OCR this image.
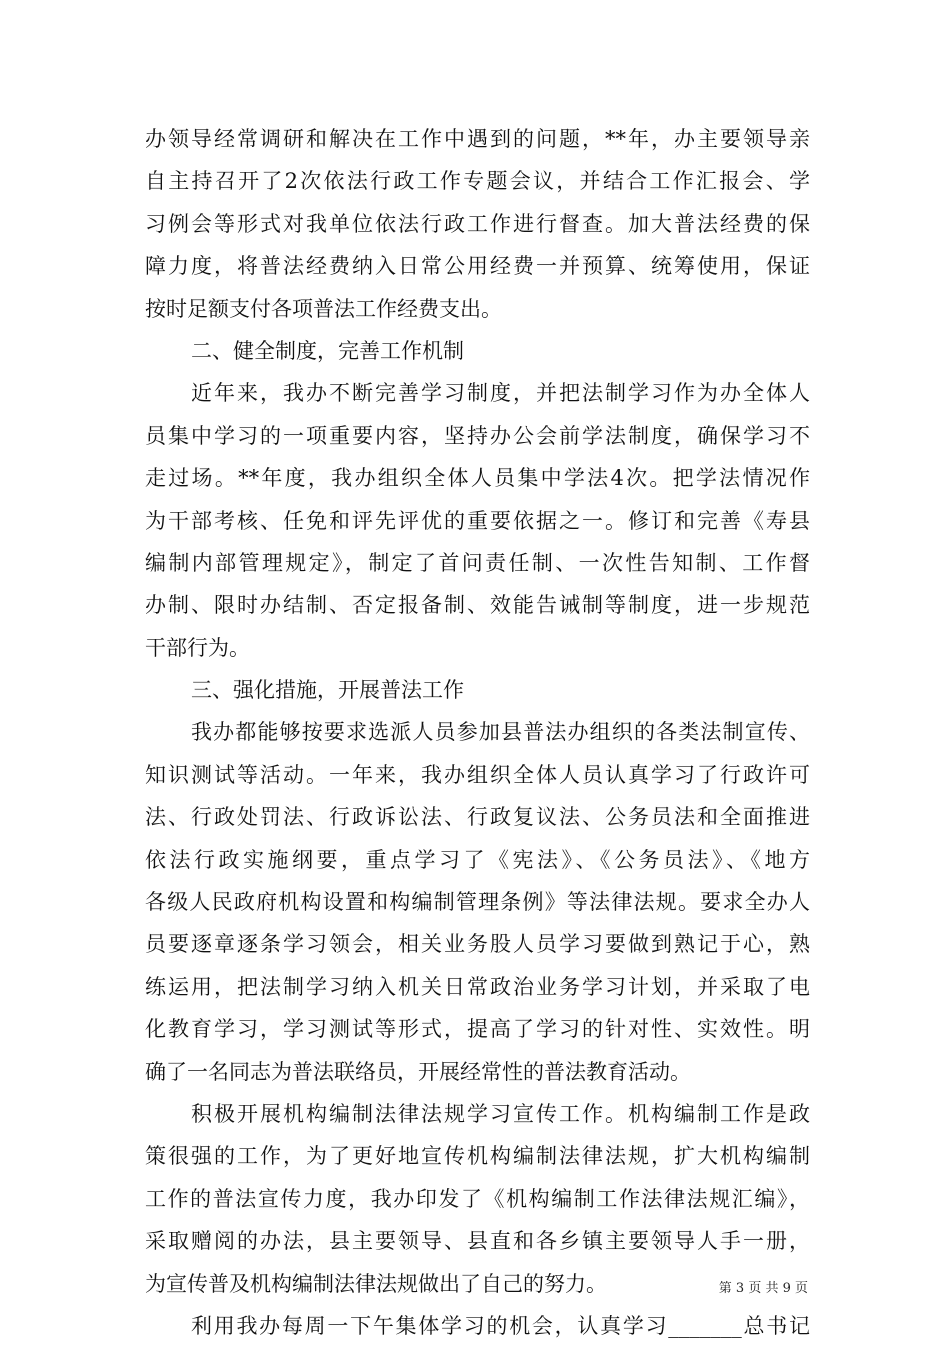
办领导经常调研和解决在工作中遇到的问题，**年，办主要领导亲
自主持召开了2次依法行政工作专题会议，并结合工作汇报会、学
习例会等形式对我单位依法行政工作进行督查。加大普法经费的保
障力度，将普法经费纳入日常公用经费一并预算、统筹使用，保证
按时足额支付各项普法工作经费支出。
二、健全制度，完善工作机制
近年来，我办不断完善学习制度，并把法制学习作为办全体人
员集中学习的一项重要内容，坚持办公会前学法制度，确保学习不
走过场。**年度，我办组织全体人员集中学法4次。把学法情况作
为干部考核、任免和评先评优的重要依据之一。修订和完善《寿县
编制内部管理规定》，制定了首问责任制、一次性告知制、工作督
办制、限时办结制、否定报备制、效能告诫制等制度，进一步规范
干部行为。
三、强化措施，开展普法工作
我办都能够按要求选派人员参加县普法办组织的各类法制宣传、
知识测试等活动。一年来，我办组织全体人员认真学习了行政许可
法、行政处罚法、行政诉讼法、行政复议法、公务员法和全面推进
依法行政实施纲要，重点学习了《宪法》、《公务员法》、《地方
各级人民政府机构设置和构编制管理条例》等法律法规。要求全办人
员要逐章逐条学习领会，相关业务股人员学习要做到熟记于心，熟
练运用，把法制学习纳入机关日常政治业务学习计划，并采取了电
化教育学习，学习测试等形式，提高了学习的针对性、实效性。明
确了一名同志为普法联络员，开展经常性的普法教育活动。
积极开展机构编制法律法规学习宣传工作。机构编制工作是政
策很强的工作，为了更好地宣传机构编制法律法规，扩大机构编制
工作的普法宣传力度，我办印发了《机构编制工作法律法规汇编》，
采取赠阅的办法，县主要领导、县直和各乡镇主要领导人手一册，
为宣传普及机构编制法律法规做出了自己的努力。
利用我办每周一下午集体学习的机会，认真学习_______总书记
第 3 页 共 9 页
